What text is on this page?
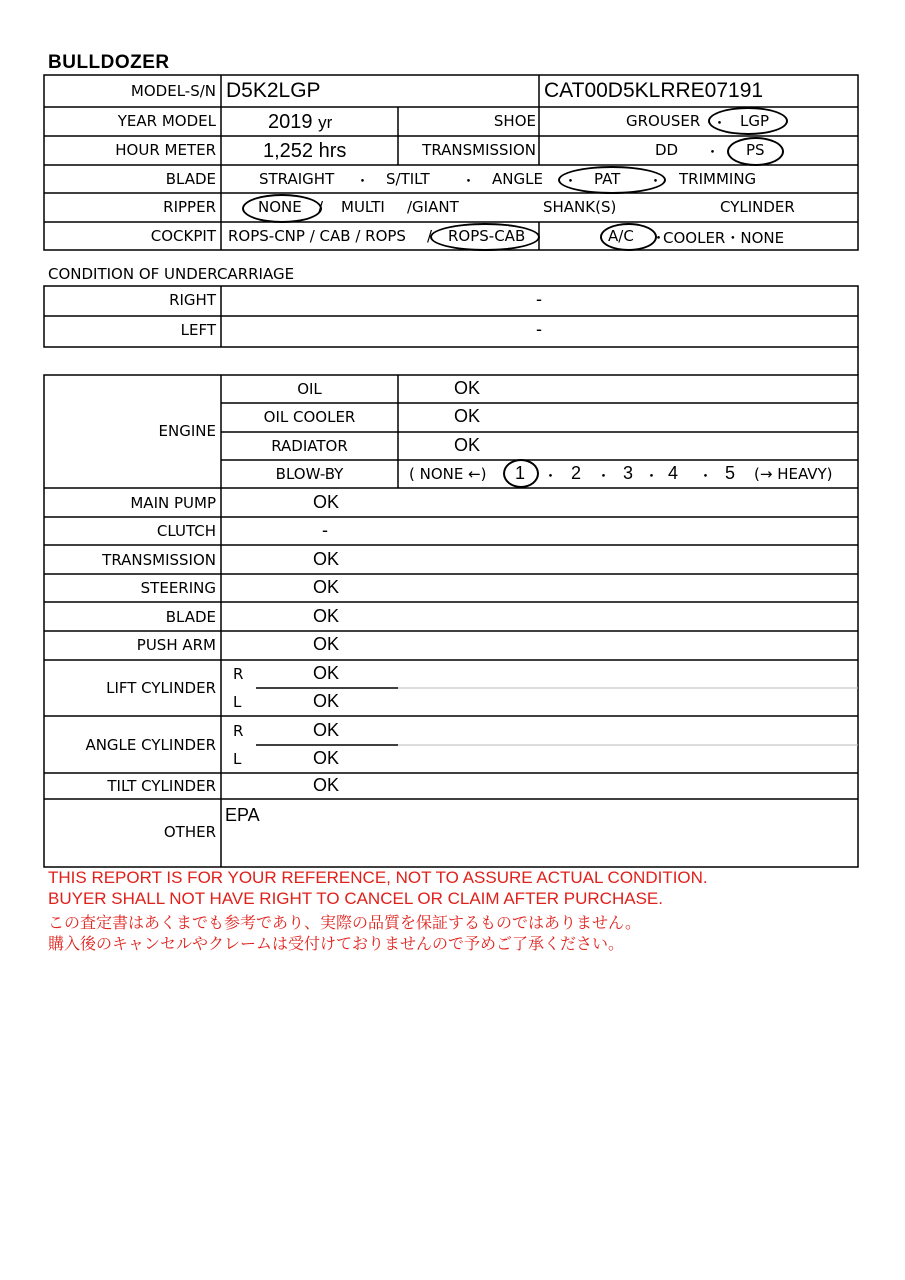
BULLDOZER
MODEL-S/N D5K2LGP	CAT00D5KLRRE07191
YEAR MODEL	2019 yr	SHOE	GROUSER ・ LGP
HOUR METER 1,252 hrs	TRANSMISSION	DD ・ PS
BLADE	STRAIGHT ・ S/TILT ・ ANGLE ・ PAT ・ TRIMMING
RIPPER	NONE / MULTI /GIANT	SHANK(S)	CYLINDER
COCKPIT ROPS-CNP / CAB / ROPS / ROPS-CAB	A/C ・
COOLER・NONE
CONDITION OF UNDERCARRIAGE
RIGHT	-
LEFT	-
ENGINE
OIL	OK
OIL COOLER	OK
RADIATOR	OK
BLOW-BY	( NONE ←) 1 ・ 2 ・ 3 ・ 4 ・ 5 (→ HEAVY)
MAIN PUMP	OK
CLUTCH	-
TRANSMISSION	OK
STEERING	OK
BLADE	OK
PUSH ARM	OK
LIFT CYLINDER
R	OK
L	OK
ANGLE CYLINDER
R	OK
L	OK
TILT CYLINDER	OK
OTHER
EPA
THIS REPORT IS FOR YOUR REFERENCE, NOT TO ASSURE ACTUAL CONDITION.
BUYER SHALL NOT HAVE RIGHT TO CANCEL OR CLAIM AFTER PURCHASE.
この査定書はあくまでも参考であり、実際の品質を保証するものではありません。
購入後のキャンセルやクレームは受付けておりませんので予めご了承ください。
